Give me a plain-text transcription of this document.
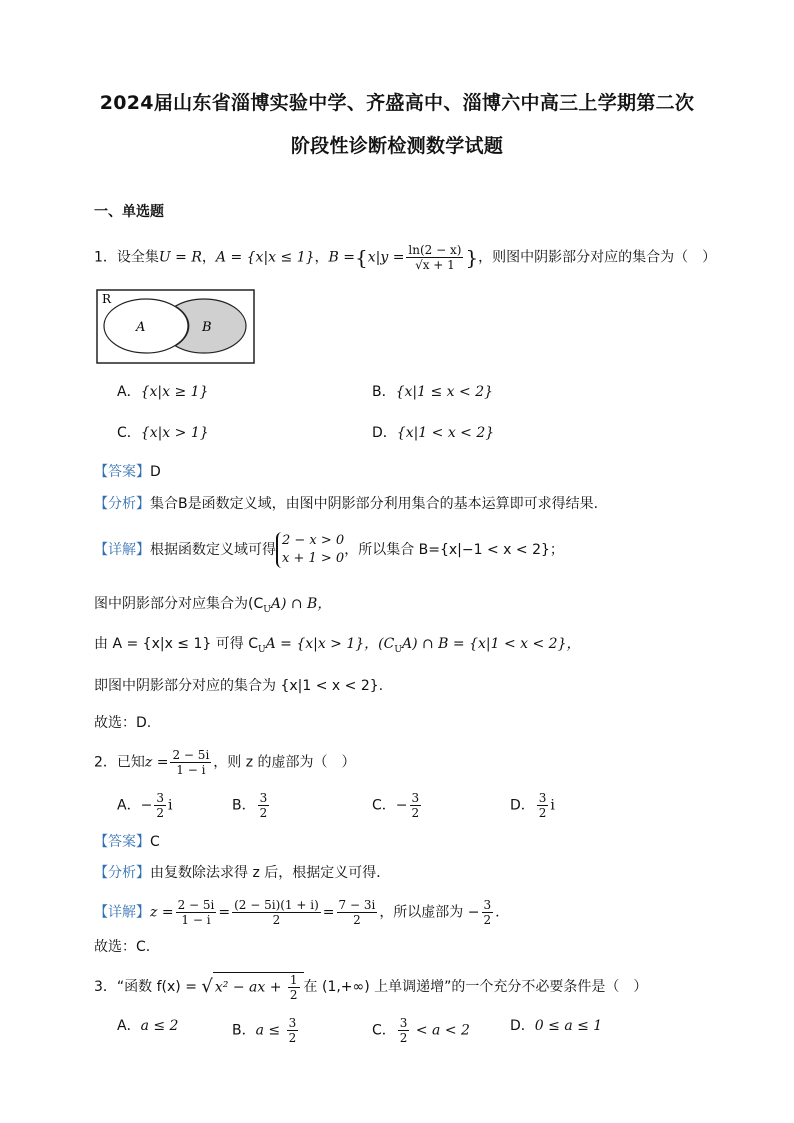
2024届山东省淄博实验中学、齐盛高中、淄博六中高三上学期第二次
阶段性诊断检测数学试题
一、单选题
1．设全集U = R，A = {x|x ≤ 1}，$B =\{x|y = \frac{\ln(2 - x)}{√x + 1}$ }，则图中阴影部分对应的集合为（　）
R
A	B
A．{x|x ≥ 1}	B．{x|1 ≤ x < 2}
C．{x|x > 1}	D．{x|1 < x < 2}
【答案】D
【分析】集合B是函数定义域，由图中阴影部分利用集合的基本运算即可求得结果.
【详解】根据函数定义域可得
2 − x > 0
x + 1 > 0
，所以集合 B={x|−1 < x < 2}；
图中阴影部分对应集合为$(C_UA)$ ∩ B，
由 A = {x|x ≤ 1} 可得 $C_UA = \{x|x > 1\}$，$(C_UA)$ ∩ B = {x|1 < x < 2}，
即图中阴影部分对应的集合为 {x|1 < x < 2}.
故选：D.
2．已知$z = \frac{2 - 5i}{1 - i}$ ，则 z 的虚部为（　）
A．− $\frac{3}{2}$ i	B． $\frac{3}{2}$	C．− $\frac{3}{2}$	D． $\frac{3}{2}$ i
【答案】C
【分析】由复数除法求得 z 后，根据定义可得．
【详解】$z = \frac{2 - 5i}{1 - i} = \frac{(2 - 5i)(1 + i)}{2} = \frac{7 - 3i}{2}$ ，所以虚部为 − $\frac{3}{2}$ .
故选：C.
3．“函数 f(x) = √ x² − ax + $\frac{1}{2}$ 在 (1,+∞) 上单调递增”的一个充分不必要条件是（　）
A．a ≤ 2	B．$a \le \frac{3}{2}$	C． $\frac{3}{2} < a < 2$	D．0 ≤ a ≤ 1
